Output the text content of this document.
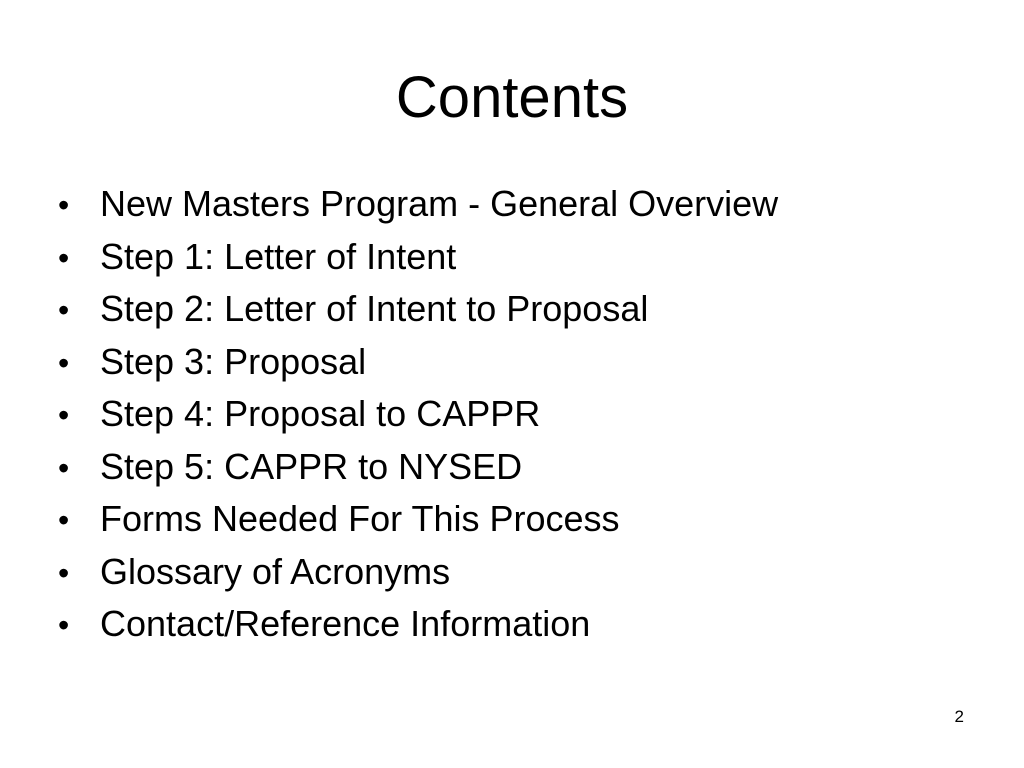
Contents
• New Masters Program - General Overview
• Step 1: Letter of Intent
• Step 2: Letter of Intent to Proposal
• Step 3: Proposal
• Step 4: Proposal to CAPPR
• Step 5: CAPPR to NYSED
• Forms Needed For This Process
• Glossary of Acronyms
• Contact/Reference Information
2
